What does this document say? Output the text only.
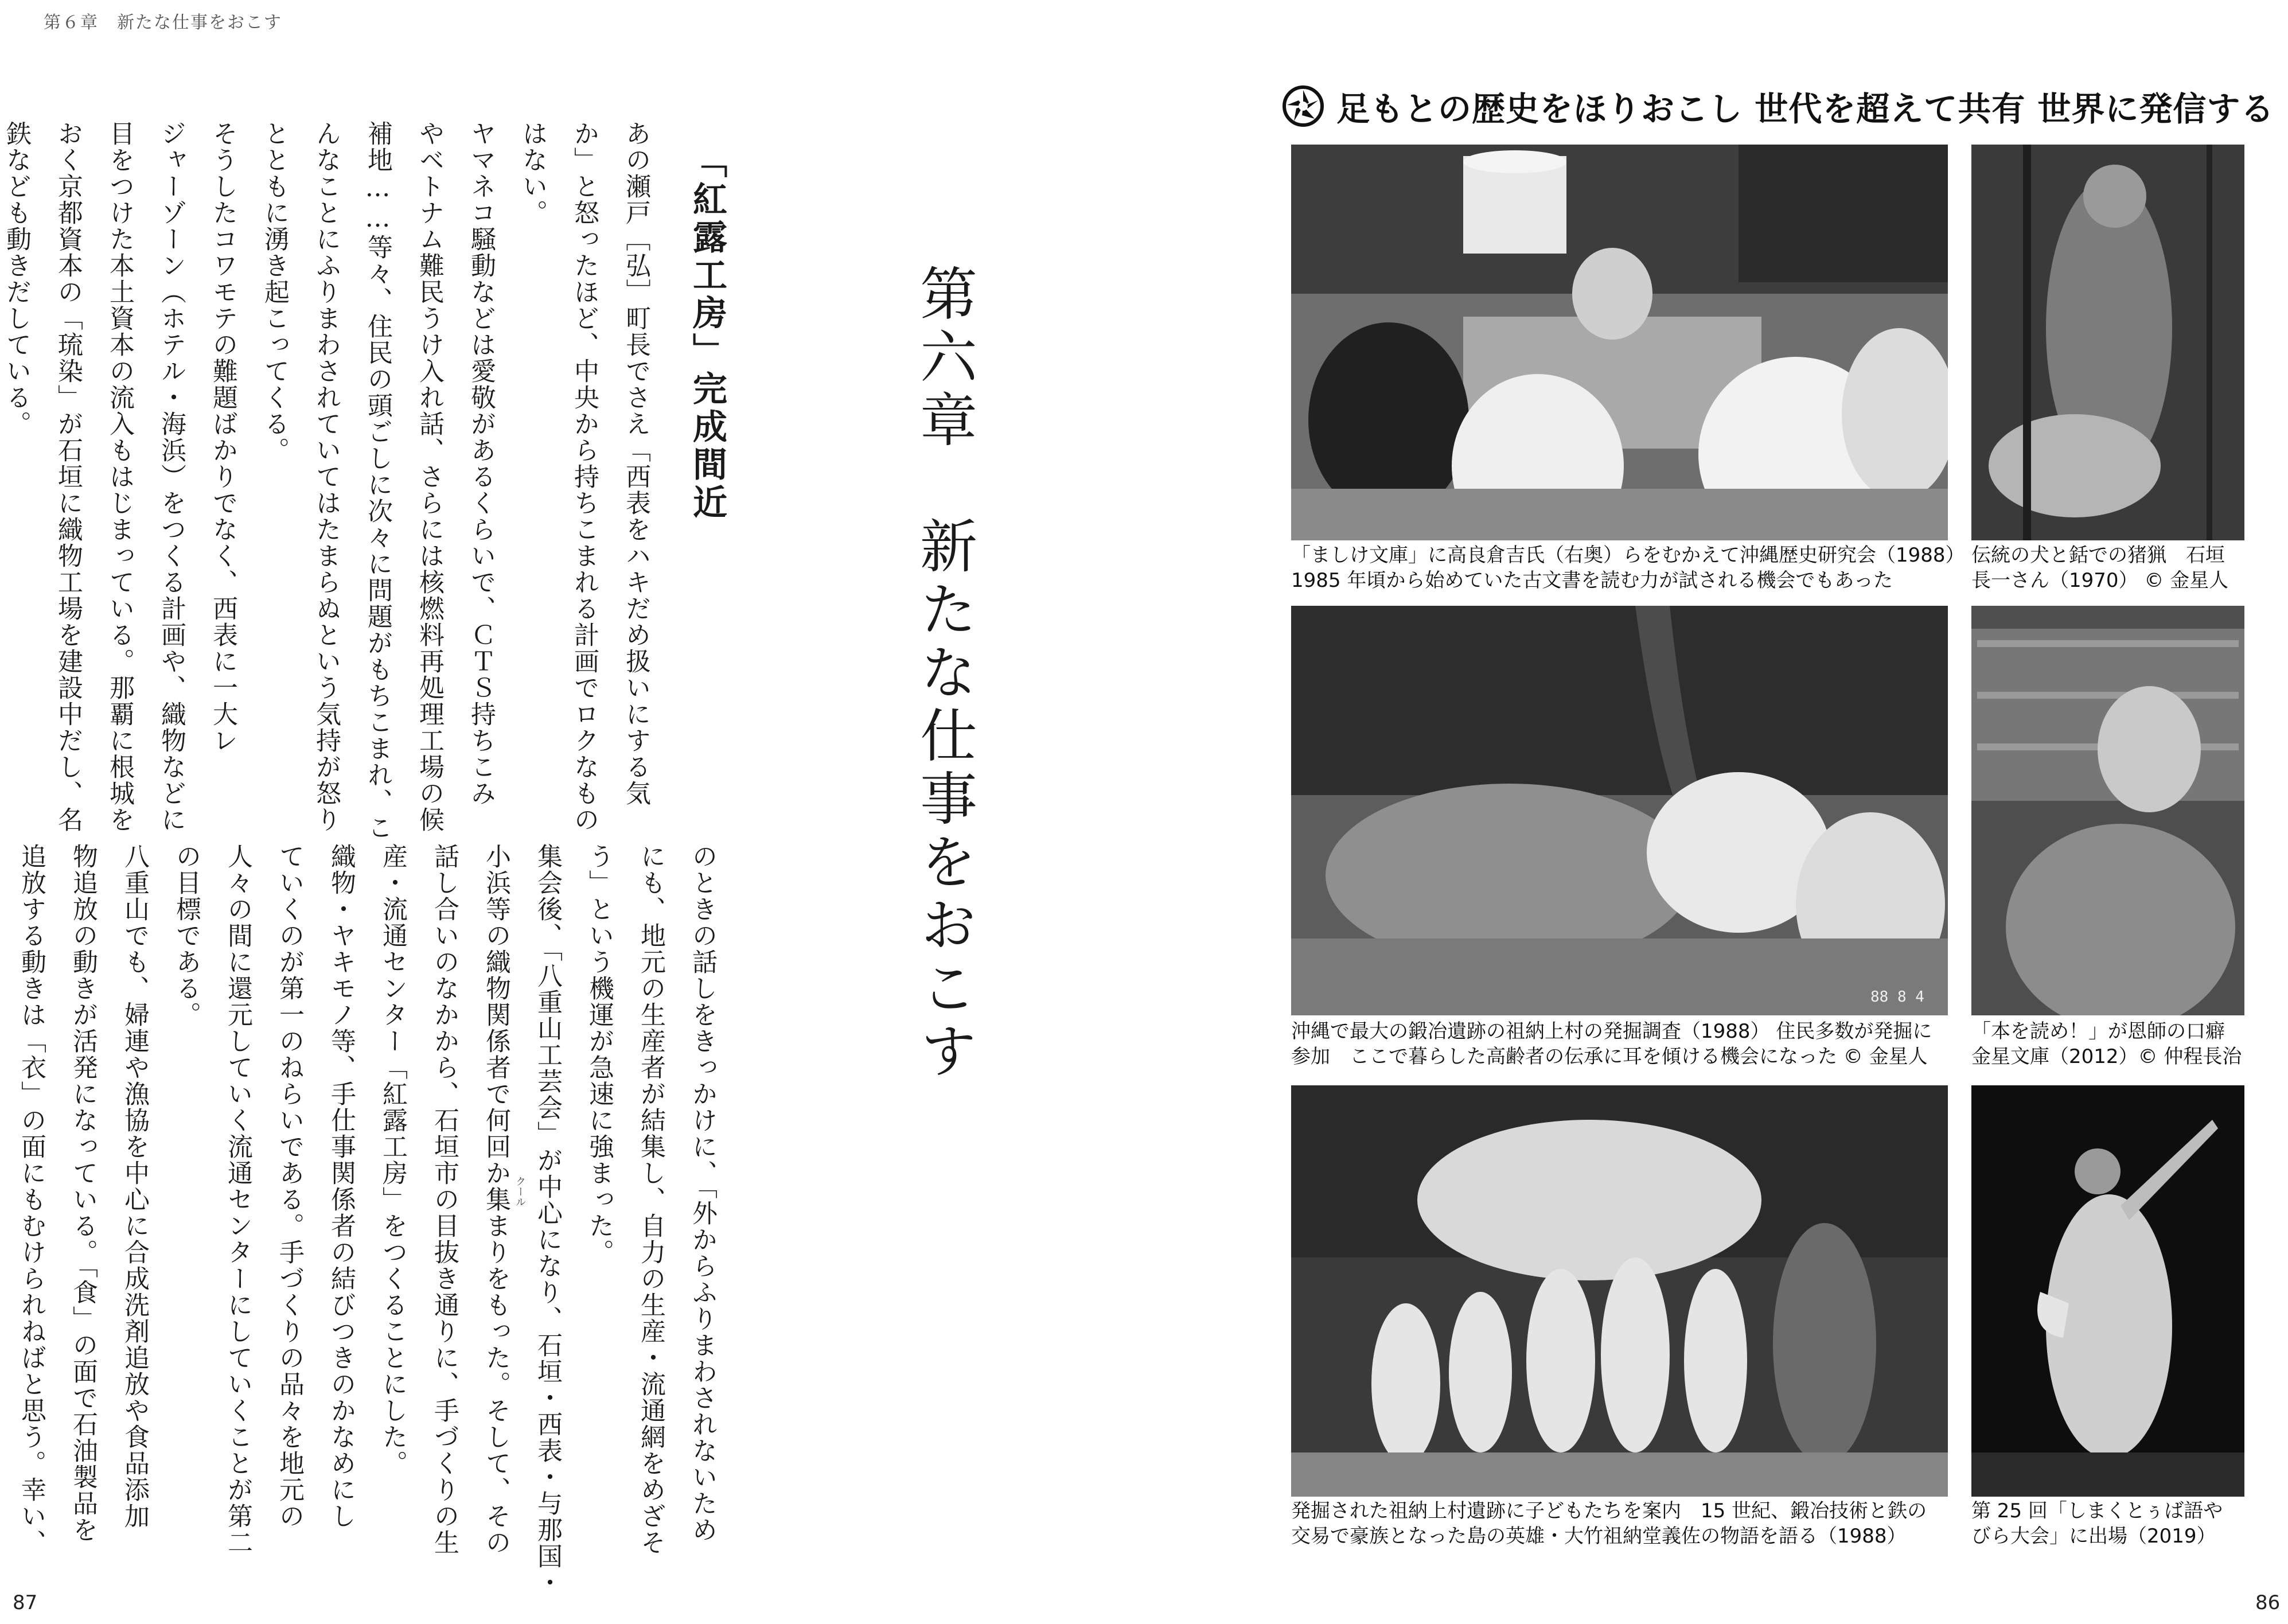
第６章　新たな仕事をおこす
87	86
「紅露工房」完成間近
あの瀬戸［弘］町長でさえ「西表をハキだめ扱いにする気
か」と怒ったほど、中央から持ちこまれる計画でロクなもの
はない。
ヤマネコ騒動などは愛敬があるくらいで、ＣＴＳ持ちこみ
やベトナム難民うけ入れ話、さらには核燃料再処理工場の候
補地……等々、住民の頭ごしに次々に問題がもちこまれ、こ
んなことにふりまわされていてはたまらぬという気持が怒り
とともに湧き起こってくる。
そうしたコワモテの難題ばかりでなく、西表に一大レ
ジャーゾーン（ホテル・海浜）をつくる計画や、織物などに
目をつけた本土資本の流入もはじまっている。那覇に根城を
おく京都資本の「琉染」が石垣に織物工場を建設中だし、名
鉄なども動きだしている。
のときの話しをきっかけに、「外からふりまわされないため
にも、地元の生産者が結集し、自力の生産・流通網をめざそ
う」という機運が急速に強まった。
集会後、「八重山工芸会」が中心になり、石垣・西表・与那国・
小浜等の織物関係者で何回か集まりをもった。そして、その
話し合いのなかから、石垣市の目抜き通りに、手づくりの生
産・流通センター「紅露工房」をつくることにした。
織物・ヤキモノ等、手仕事関係者の結びつきのかなめにし
ていくのが第一のねらいである。手づくりの品々を地元の
人々の間に還元していく流通センターにしていくことが第二
の目標である。
八重山でも、婦連や漁協を中心に合成洗剤追放や食品添加
物追放の動きが活発になっている。「食」の面で石油製品を
追放する動きは「衣」の面にもむけられねばと思う。幸い、	クール
第六章　新たな仕事をおこす
足もとの歴史をほりおこし 世代を超えて共有 世界に発信する
「ましけ文庫」に高良倉吉氏（右奥）らをむかえて沖縄歴史研究会（1988）
1985 年頃から始めていた古文書を読む力が試される機会でもあった
伝統の犬と銛での猪猟　石垣
長一さん（1970） © 金星人
88 8 4
沖縄で最大の鍛冶遺跡の祖納上村の発掘調査（1988） 住民多数が発掘に
参加　ここで暮らした高齢者の伝承に耳を傾ける機会になった © 金星人
「本を読め！」が恩師の口癖
金星文庫（2012）© 仲程長治
発掘された祖納上村遺跡に子どもたちを案内　15 世紀、鍛冶技術と鉄の
交易で豪族となった島の英雄・大竹祖納堂義佐の物語を語る（1988）
第 25 回「しまくとぅば語や
びら大会」に出場（2019）
